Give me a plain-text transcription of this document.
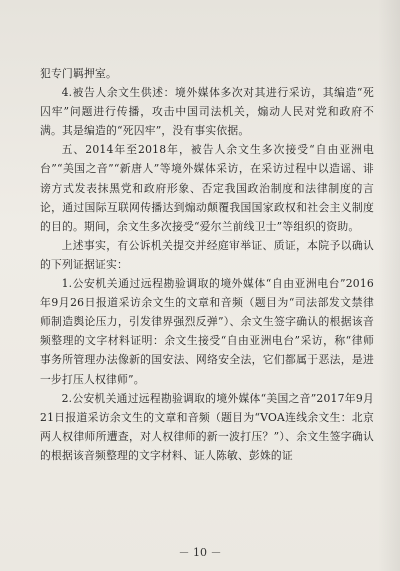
犯专门羁押室。

4.被告人余文生供述：境外媒体多次对其进行采访，其编造“死囚牢”问题进行传播，攻击中国司法机关，煽动人民对党和政府不满。其是编造的“死囚牢”，没有事实依据。

五、2014年至2018年，被告人余文生多次接受“自由亚洲电台”“美国之音”“新唐人”等境外媒体采访，在采访过程中以造谣、诽谤方式发表抹黑党和政府形象、否定我国政治制度和法律制度的言论，通过国际互联网传播达到煽动颠覆我国国家政权和社会主义制度的目的。期间，余文生多次接受“爱尔兰前线卫士”等组织的资助。

上述事实，有公诉机关提交并经庭审举证、质证，本院予以确认的下列证据证实：

1.公安机关通过远程勘验调取的境外媒体“自由亚洲电台”2016年9月26日报道采访余文生的文章和音频（题目为“司法部发文禁律师制造舆论压力，引发律界强烈反弹”）、余文生签字确认的根据该音频整理的文字材料证明：余文生接受“自由亚洲电台”采访，称“律师事务所管理办法像新的国安法、网络安全法，它们都属于恶法，是进一步打压人权律师”。

2.公安机关通过远程勘验调取的境外媒体“美国之音”2017年9月21日报道采访余文生的文章和音频（题目为“VOA连线余文生：北京两人权律师所遭查，对人权律师的新一波打压？”）、余文生签字确认的根据该音频整理的文字材料、证人陈敏、彭姝的证

－ 10 －
